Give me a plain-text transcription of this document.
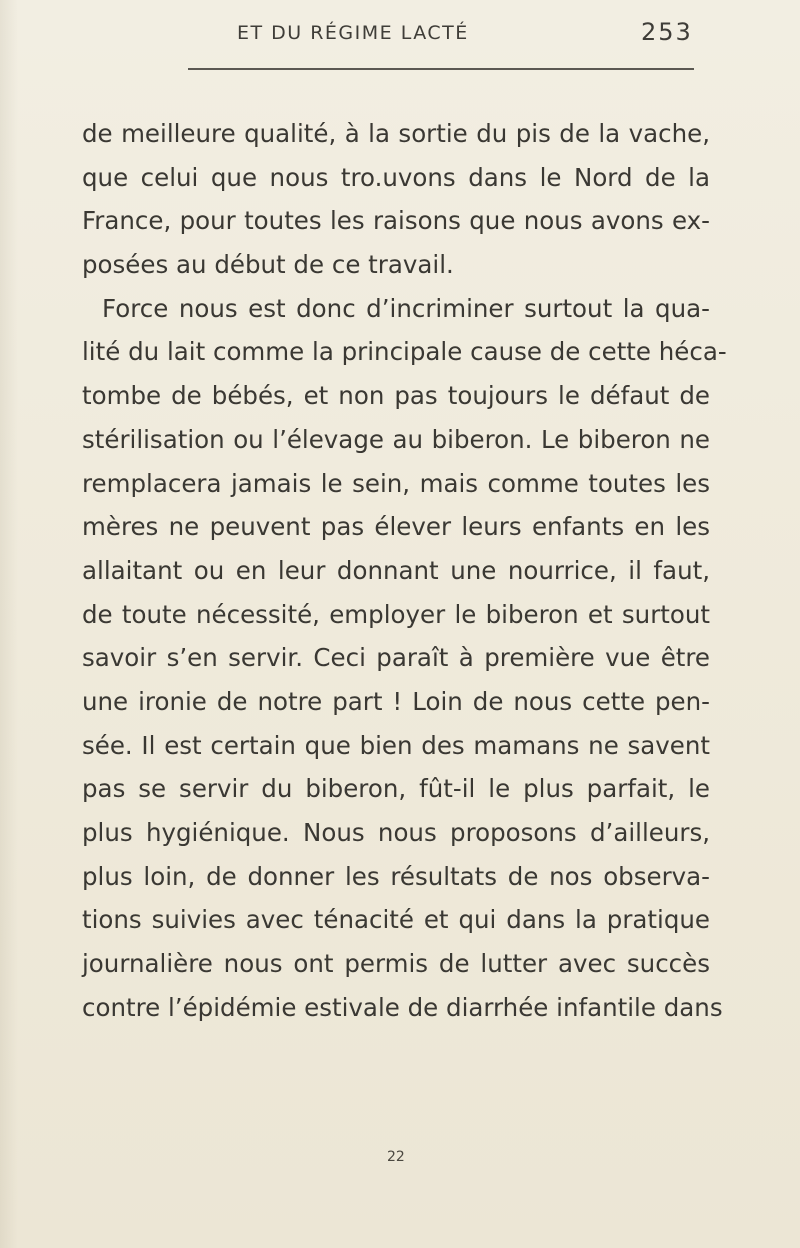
ET DU RÉGIME LACTÉ	253
de meilleure qualité, à la sortie du pis de la vache,
que celui que nous tro.uvons dans le Nord de la
France, pour toutes les raisons que nous avons ex-
posées au début de ce travail.
Force nous est donc d’incriminer surtout la qua-
lité du lait comme la principale cause de cette héca-
tombe de bébés, et non pas toujours le défaut de
stérilisation ou l’élevage au biberon. Le biberon ne
remplacera jamais le sein, mais comme toutes les
mères ne peuvent pas élever leurs enfants en les
allaitant ou en leur donnant une nourrice, il faut,
de toute nécessité, employer le biberon et surtout
savoir s’en servir. Ceci paraît à première vue être
une ironie de notre part ! Loin de nous cette pen-
sée. Il est certain que bien des mamans ne savent
pas se servir du biberon, fût-il le plus parfait, le
plus hygiénique. Nous nous proposons d’ailleurs,
plus loin, de donner les résultats de nos observa-
tions suivies avec ténacité et qui dans la pratique
journalière nous ont permis de lutter avec succès
contre l’épidémie estivale de diarrhée infantile dans
22
